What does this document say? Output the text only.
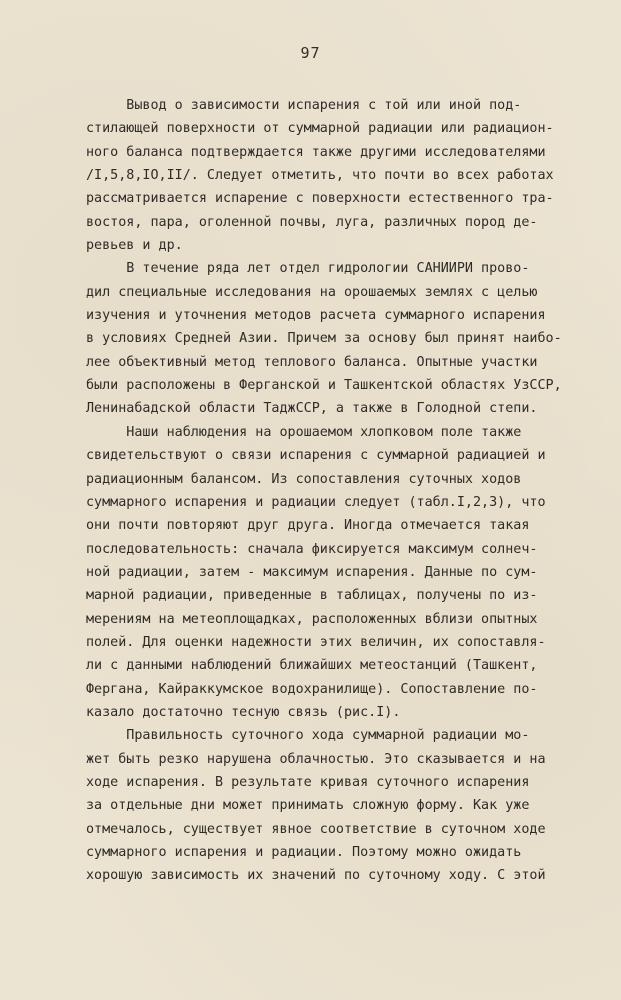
97
Вывод о зависимости испарения с той или иной под-
стилающей поверхности от суммарной радиации или радиацион-
ного баланса подтверждается также другими исследователями
/I,5,8,IO,II/. Следует отметить, что почти во всех работах
рассматривается испарение с поверхности естественного тра-
востоя, пара, оголенной почвы, луга, различных пород де-
ревьев и др.
В течение ряда лет отдел гидрологии САНИИРИ прово-
дил специальные исследования на орошаемых землях с целью
изучения и уточнения методов расчета суммарного испарения
в условиях Средней Азии. Причем за основу был принят наибо-
лее объективный метод теплового баланса. Опытные участки
были расположены в Ферганской и Ташкентской областях УзССР,
Ленинабадской области ТаджССР, а также в Голодной степи.
Наши наблюдения на орошаемом хлопковом поле также
свидетельствуют о связи испарения с суммарной радиацией и
радиационным балансом. Из сопоставления суточных ходов
суммарного испарения и радиации следует (табл.I,2,3), что
они почти повторяют друг друга. Иногда отмечается такая
последовательность: сначала фиксируется максимум солнеч-
ной радиации, затем - максимум испарения. Данные по сум-
марной радиации, приведенные в таблицах, получены по из-
мерениям на метеоплощадках, расположенных вблизи опытных
полей. Для оценки надежности этих величин, их сопоставля-
ли с данными наблюдений ближайших метеостанций (Ташкент,
Фергана, Кайраккумское водохранилище). Сопоставление по-
казало достаточно тесную связь (рис.I).
Правильность суточного хода суммарной радиации мо-
жет быть резко нарушена облачностью. Это сказывается и на
ходе испарения. В результате кривая суточного испарения
за отдельные дни может принимать сложную форму. Как уже
отмечалось, существует явное соответствие в суточном ходе
суммарного испарения и радиации. Поэтому можно ожидать
хорошую зависимость их значений по суточному ходу. С этой
